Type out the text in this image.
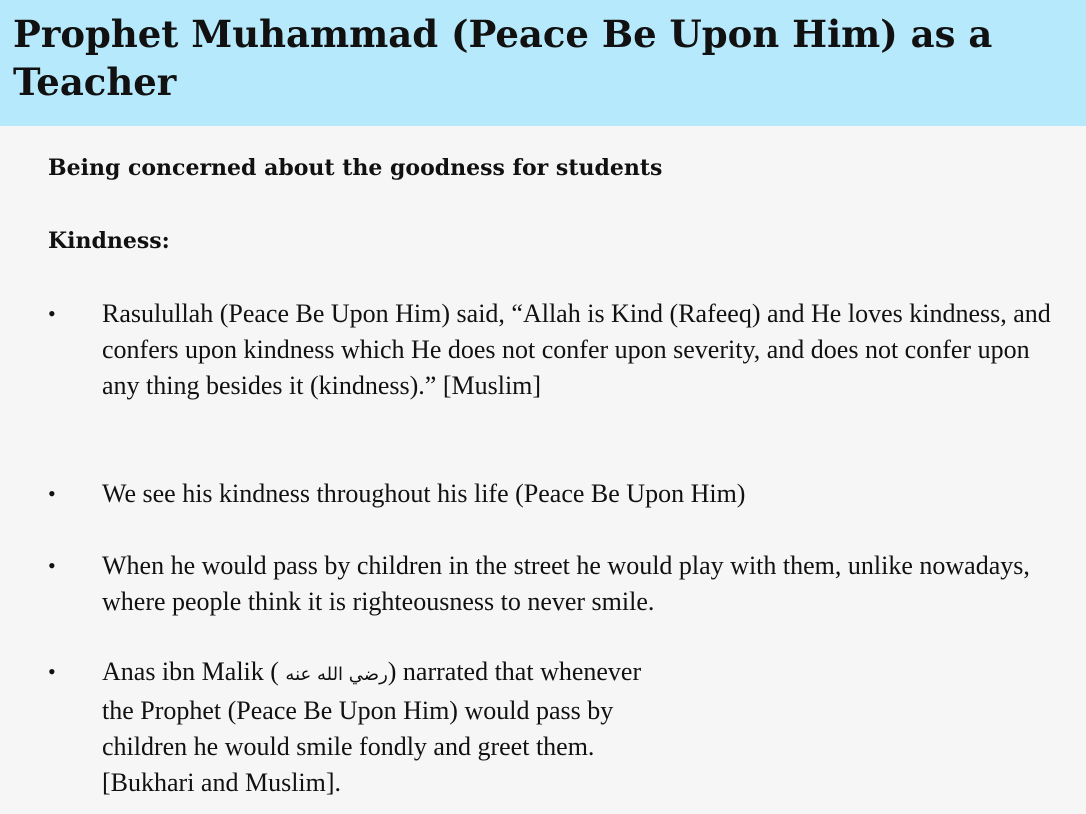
Prophet Muhammad (Peace Be Upon Him) as a Teacher
Being concerned about the goodness for students
Kindness:
•	Rasulullah (Peace Be Upon Him) said, “Allah is Kind (Rafeeq) and He loves kindness, and confers upon kindness which He does not confer upon severity, and does not confer upon any thing besides it (kindness).” [Muslim]
•	We see his kindness throughout his life (Peace Be Upon Him)
•	When he would pass by children in the street he would play with them, unlike nowadays, where people think it is righteousness to never smile.
•	Anas ibn Malik ( رضي الله عنه) narrated that whenever
the Prophet (Peace Be Upon Him) would pass by
children he would smile fondly and greet them.
[Bukhari and Muslim].
